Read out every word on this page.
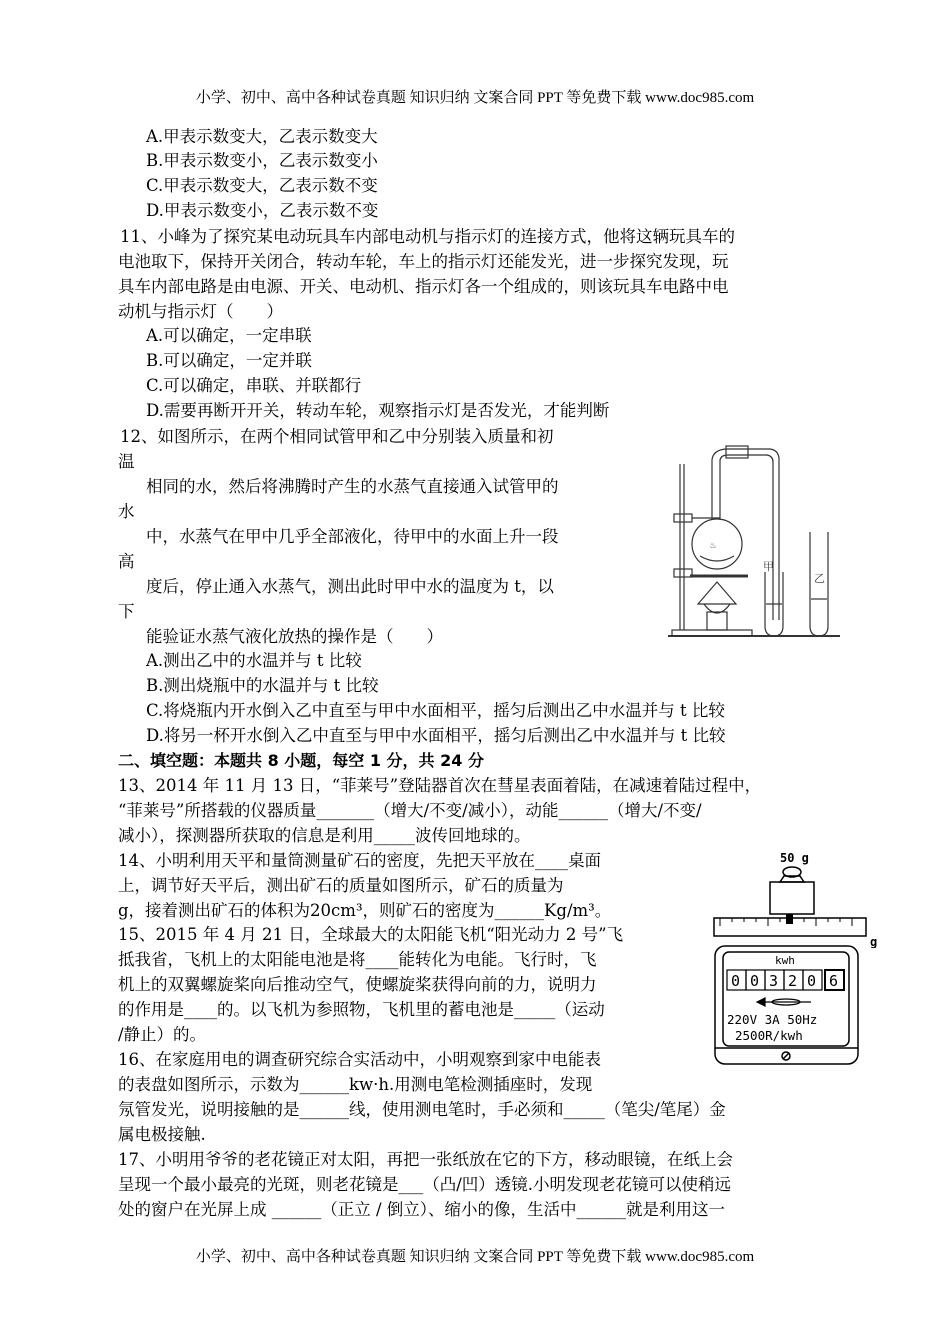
小学、初中、高中各种试卷真题 知识归纳 文案合同 PPT 等免费下载 www.doc985.com
A.甲表示数变大，乙表示数变大
B.甲表示数变小，乙表示数变小
C.甲表示数变大，乙表示数不变
D.甲表示数变小，乙表示数不变
11、小峰为了探究某电动玩具车内部电动机与指示灯的连接方式，他将这辆玩具车的
电池取下，保持开关闭合，转动车轮，车上的指示灯还能发光，进一步探究发现，玩
具车内部电路是由电源、开关、电动机、指示灯各一个组成的，则该玩具车电路中电
动机与指示灯（　　）
A.可以确定，一定串联
B.可以确定，一定并联
C.可以确定，串联、并联都行
D.需要再断开开关，转动车轮，观察指示灯是否发光，才能判断
12、如图所示，在两个相同试管甲和乙中分别装入质量和初
温
相同的水，然后将沸腾时产生的水蒸气直接通入试管甲的
水
中，水蒸气在甲中几乎全部液化，待甲中的水面上升一段
高
度后，停止通入水蒸气，测出此时甲中水的温度为 t，以
下
能验证水蒸气液化放热的操作是（　　）
A.测出乙中的水温并与 t 比较
B.测出烧瓶中的水温并与 t 比较
C.将烧瓶内开水倒入乙中直至与甲中水面相平，摇匀后测出乙中水温并与 t 比较
D.将另一杯开水倒入乙中直至与甲中水面相平，摇匀后测出乙中水温并与 t 比较
♨
甲
乙
二、填空题：本题共 8 小题，每空 1 分，共 24 分
13、2014 年 11 月 13 日，“菲莱号”登陆器首次在彗星表面着陆，在减速着陆过程中，
“菲莱号”所搭载的仪器质量_______（增大/不变/减小），动能______（增大/不变/
减小），探测器所获取的信息是利用_____波传回地球的。
14、小明利用天平和量筒测量矿石的密度，先把天平放在____桌面
上，调节好天平后，测出矿石的质量如图所示，矿石的质量为
g，接着测出矿石的体积为20cm³，则矿石的密度为______Kg/m³。
15、2015 年 4 月 21 日，全球最大的太阳能飞机“阳光动力 2 号”飞
抵我省，飞机上的太阳能电池是将____能转化为电能。飞行时，飞
机上的双翼螺旋桨向后推动空气，使螺旋桨获得向前的力，说明力
的作用是____的。以飞机为参照物，飞机里的蓄电池是_____（运动
/静止）的。
16、在家庭用电的调查研究综合实活动中，小明观察到家中电能表
的表盘如图所示，示数为______kw·h.用测电笔检测插座时，发现
氖管发光，说明接触的是______线，使用测电笔时，手必须和_____（笔尖/笔尾）金
属电极接触.
17、小明用爷爷的老花镜正对太阳，再把一张纸放在它的下方，移动眼镜，在纸上会
呈现一个最小最亮的光斑，则老花镜是___（凸/凹）透镜.小明发现老花镜可以使稍远
处的窗户在光屏上成 ______（正立 / 倒立）、缩小的像，生活中______就是利用这一
50 g
g
kwh
0 0 3 2 0 6
220V 3A 50Hz
2500R/kwh
小学、初中、高中各种试卷真题 知识归纳 文案合同 PPT 等免费下载 www.doc985.com
